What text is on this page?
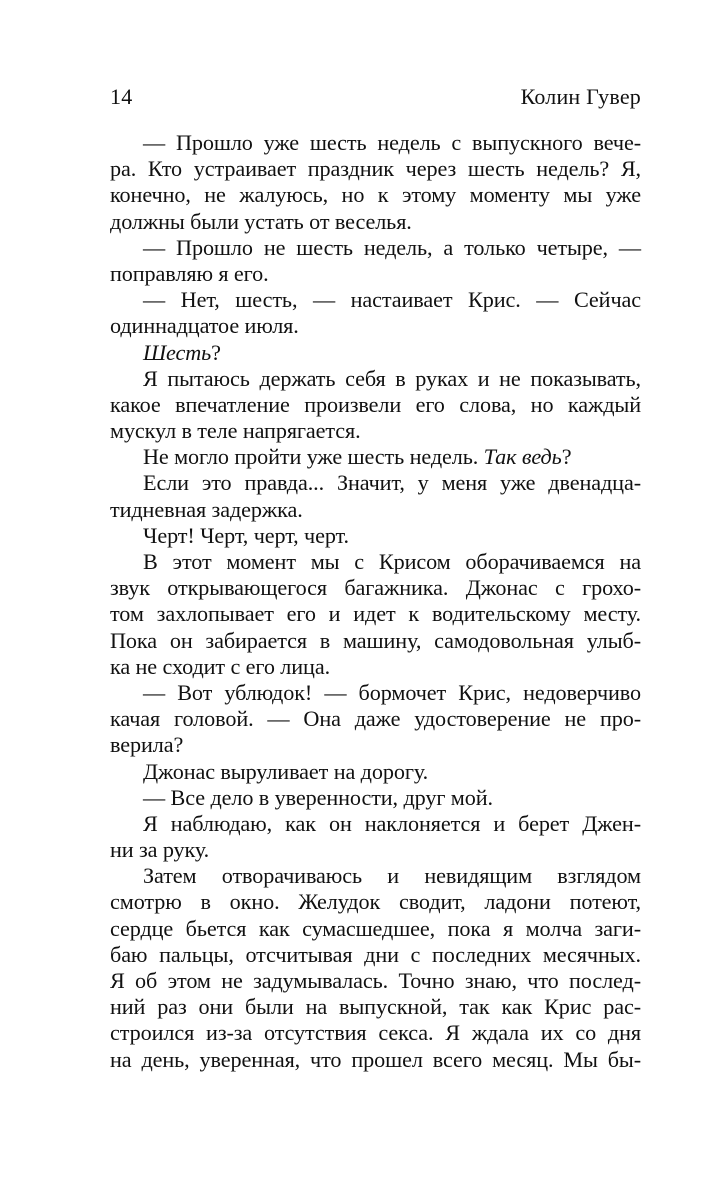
14	Колин Гувер
— Прошло уже шесть недель с выпускного вече-
ра. Кто устраивает праздник через шесть недель? Я,
конечно, не жалуюсь, но к этому моменту мы уже
должны были устать от веселья.
— Прошло не шесть недель, а только четыре, —
поправляю я его.
— Нет, шесть, — настаивает Крис. — Сейчас
одиннадцатое июля.
Шесть?
Я пытаюсь держать себя в руках и не показывать,
какое впечатление произвели его слова, но каждый
мускул в теле напрягается.
Не могло пройти уже шесть недель. Так ведь?
Если это правда... Значит, у меня уже двенадца-
тидневная задержка.
Черт! Черт, черт, черт.
В этот момент мы с Крисом оборачиваемся на
звук открывающегося багажника. Джонас с грохо-
том захлопывает его и идет к водительскому месту.
Пока он забирается в машину, самодовольная улыб-
ка не сходит с его лица.
— Вот ублюдок! — бормочет Крис, недоверчиво
качая головой. — Она даже удостоверение не про-
верила?
Джонас выруливает на дорогу.
— Все дело в уверенности, друг мой.
Я наблюдаю, как он наклоняется и берет Джен-
ни за руку.
Затем отворачиваюсь и невидящим взглядом
смотрю в окно. Желудок сводит, ладони потеют,
сердце бьется как сумасшедшее, пока я молча заги-
баю пальцы, отсчитывая дни с последних месячных.
Я об этом не задумывалась. Точно знаю, что послед-
ний раз они были на выпускной, так как Крис рас-
строился из-за отсутствия секса. Я ждала их со дня
на день, уверенная, что прошел всего месяц. Мы бы-
